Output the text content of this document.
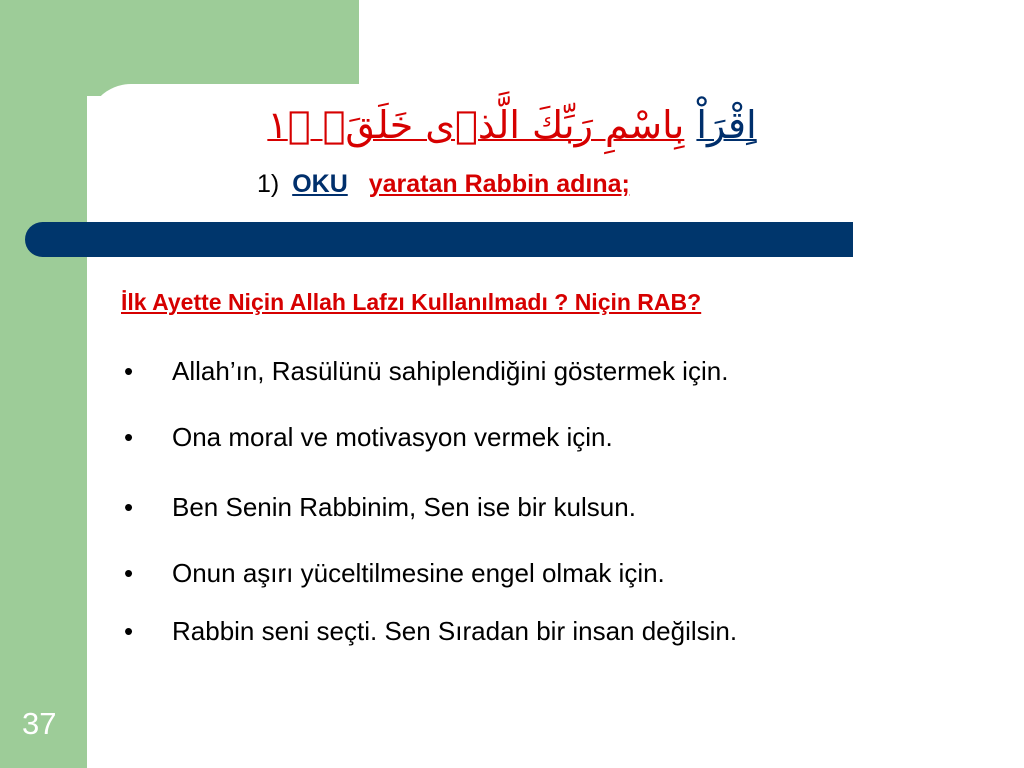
37
اِقْرَاْ بِاسْمِ رَبِّكَ الَّذ۪ى خَلَقَۚ ﴿١
1) OKU yaratan Rabbin adına;
İlk Ayette Niçin Allah Lafzı Kullanılmadı ? Niçin RAB?
• Allah’ın, Rasülünü sahiplendiğini göstermek için.
• Ona moral ve motivasyon vermek için.
• Ben Senin Rabbinim, Sen ise bir kulsun.
• Onun aşırı yüceltilmesine engel olmak için.
• Rabbin seni seçti. Sen Sıradan bir insan değilsin.
